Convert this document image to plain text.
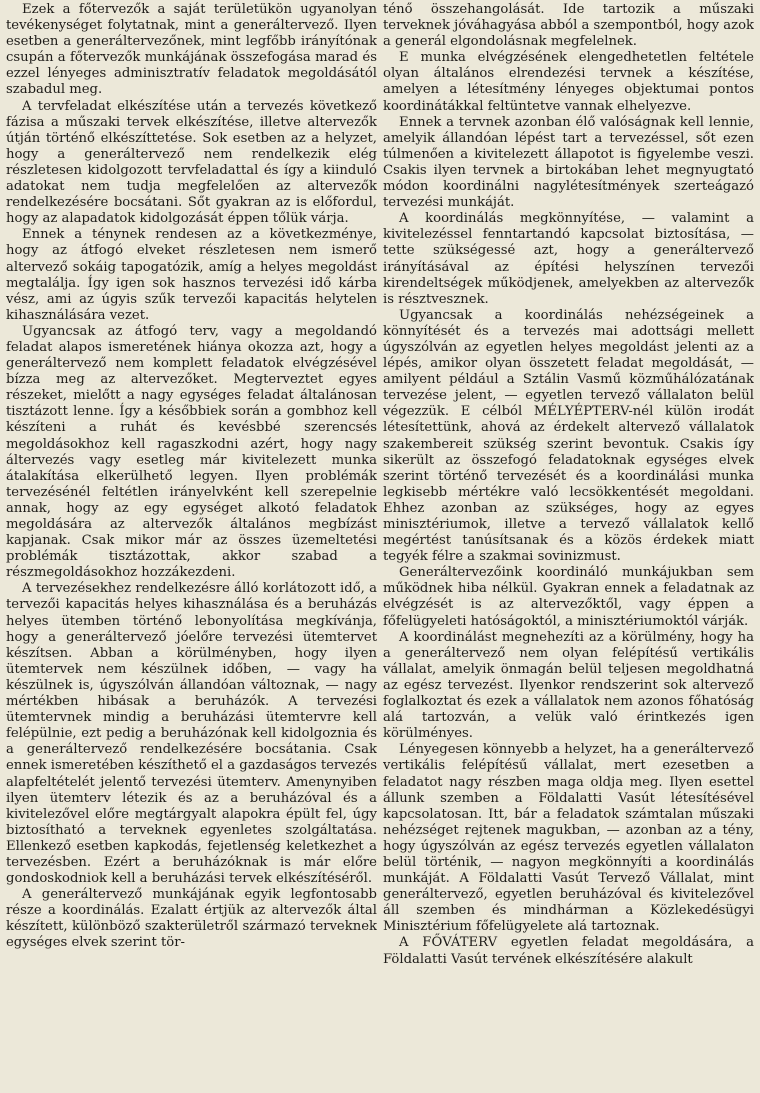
Ezek a főtervezők a saját területükön ugyanolyan tevékenységet folytatnak, mint a generáltervező. Ilyen esetben a generáltervezőnek, mint legfőbb irányítónak csupán a főtervezők munkájának összefogása marad és ezzel lényeges adminisztratív feladatok megoldásától szabadul meg.

A tervfeladat elkészítése után a tervezés következő fázisa a műszaki tervek elkészítése, illetve altervezők útján történő elkészíttetése. Sok esetben az a helyzet, hogy a generáltervező nem rendelkezik elég részletesen kidolgozott tervfeladattal és így a kiinduló adatokat nem tudja megfelelően az altervezők rendelkezésére bocsátani. Sőt gyakran az is előfordul, hogy az alapadatok kidolgozását éppen tőlük várja.

Ennek a ténynek rendesen az a következménye, hogy az átfogó elveket részletesen nem ismerő altervező sokáig tapogatózik, amíg a helyes megoldást megtalálja. Így igen sok hasznos tervezési idő kárba vész, ami az úgyis szűk tervezői kapacitás helytelen kihasználására vezet.

Ugyancsak az átfogó terv, vagy a megoldandó feladat alapos ismeretének hiánya okozza azt, hogy a generáltervező nem komplett feladatok elvégzésével bízza meg az altervezőket. Megterveztet egyes részeket, mielőtt a nagy egységes feladat általánosan tisztázott lenne. Így a későbbiek során a gombhoz kell készíteni a ruhát és kevésbbé szerencsés megoldásokhoz kell ragaszkodni azért, hogy nagy áltervezés vagy esetleg már kivitelezett munka átalakítása elkerülhető legyen. Ilyen problémák tervezésénél feltétlen irányelvként kell szerepelnie annak, hogy az egy egységet alkotó feladatok megoldására az altervezők általános megbízást kapjanak. Csak mikor már az összes üzemeltetési problémák tisztázottak, akkor szabad a részmegoldásokhoz hozzákezdeni.

A tervezésekhez rendelkezésre álló korlátozott idő, a tervezői kapacitás helyes kihasználása és a beruházás helyes ütemben történő lebonyolítása megkívánja, hogy a generáltervező jóelőre tervezési ütemtervet készítsen. Abban a körülményben, hogy ilyen ütemtervek nem készülnek időben, — vagy ha készülnek is, úgyszólván állandóan változnak, — nagy mértékben hibásak a beruházók. A tervezési ütemtervnek mindig a beruházási ütemtervre kell felépülnie, ezt pedig a beruházónak kell kidolgoznia és a generáltervező rendelkezésére bocsátania. Csak ennek ismeretében készíthető el a gazdaságos tervezés alapfeltételét jelentő tervezési ütemterv. Amenynyiben ilyen ütemterv létezik és az a beruházóval és a kivitelezővel előre megtárgyalt alapokra épült fel, úgy biztosítható a terveknek egyenletes szolgáltatása. Ellenkező esetben kapkodás, fejetlenség keletkezhet a tervezésben. Ezért a beruházóknak is már előre gondoskodniok kell a beruházási tervek elkészítéséről.

A generáltervező munkájának egyik legfontosabb része a koordinálás. Ezalatt értjük az altervezők által készített, különböző szakterületről származó terveknek egységes elvek szerint tör-

ténő összehangolását. Ide tartozik a műszaki terveknek jóváhagyása abból a szempontból, hogy azok a generál elgondolásnak megfelelnek.

E munka elvégzésének elengedhetetlen feltétele olyan általános elrendezési tervnek a készítése, amelyen a létesítmény lényeges objektumai pontos koordinátákkal feltüntetve vannak elhelyezve.

Ennek a tervnek azonban élő valóságnak kell lennie, amelyik állandóan lépést tart a tervezéssel, sőt ezen túlmenően a kivitelezett állapotot is figyelembe veszi. Csakis ilyen tervnek a birtokában lehet megnyugtató módon koordinálni nagylétesítmények szerteágazó tervezési munkáját.

A koordinálás megkönnyítése, — valamint a kivitelezéssel fenntartandó kapcsolat biztosítása, — tette szükségessé azt, hogy a generáltervező irányításával az építési helyszínen tervezői kirendeltségek működjenek, amelyekben az altervezők is résztvesznek.

Ugyancsak a koordinálás nehézségeinek a könnyítését és a tervezés mai adottsági mellett úgyszólván az egyetlen helyes megoldást jelenti az a lépés, amikor olyan összetett feladat megoldását, — amilyent például a Sztálin Vasmű közműhálózatának tervezése jelent, — egyetlen tervező vállalaton belül végezzük. E célból MÉLYÉPTERV-nél külön irodát létesítettünk, ahová az érdekelt altervező vállalatok szakembereit szükség szerint bevontuk. Csakis így sikerült az összefogó feladatoknak egységes elvek szerint történő tervezését és a koordinálási munka legkisebb mértékre való lecsökkentését megoldani. Ehhez azonban az szükséges, hogy az egyes minisztériumok, illetve a tervező vállalatok kellő megértést tanúsítsanak és a közös érdekek miatt tegyék félre a szakmai sovinizmust.

Generáltervezőink koordináló munkájukban sem működnek hiba nélkül. Gyakran ennek a feladatnak az elvégzését is az altervezőktől, vagy éppen a főfelügyeleti hatóságoktól, a minisztériumoktól várják.

A koordinálást megnehezíti az a körülmény, hogy ha a generáltervező nem olyan felépítésű vertikális vállalat, amelyik önmagán belül teljesen megoldhatná az egész tervezést. Ilyenkor rendszerint sok altervező foglalkoztat és ezek a vállalatok nem azonos főhatóság alá tartozván, a velük való érintkezés igen körülményes.

Lényegesen könnyebb a helyzet, ha a generáltervező vertikális felépítésű vállalat, mert ezesetben a feladatot nagy részben maga oldja meg. Ilyen esettel állunk szemben a Földalatti Vasút létesítésével kapcsolatosan. Itt, bár a feladatok számtalan műszaki nehézséget rejtenek magukban, — azonban az a tény, hogy úgyszólván az egész tervezés egyetlen vállalaton belül történik, — nagyon megkönnyíti a koordinálás munkáját. A Földalatti Vasút Tervező Vállalat, mint generáltervező, egyetlen beruházóval és kivitelezővel áll szemben és mindhárman a Közlekedésügyi Minisztérium főfelügyelete alá tartoznak.

A FŐVÁTERV egyetlen feladat megoldására, a Földalatti Vasút tervének elkészítésére alakult
